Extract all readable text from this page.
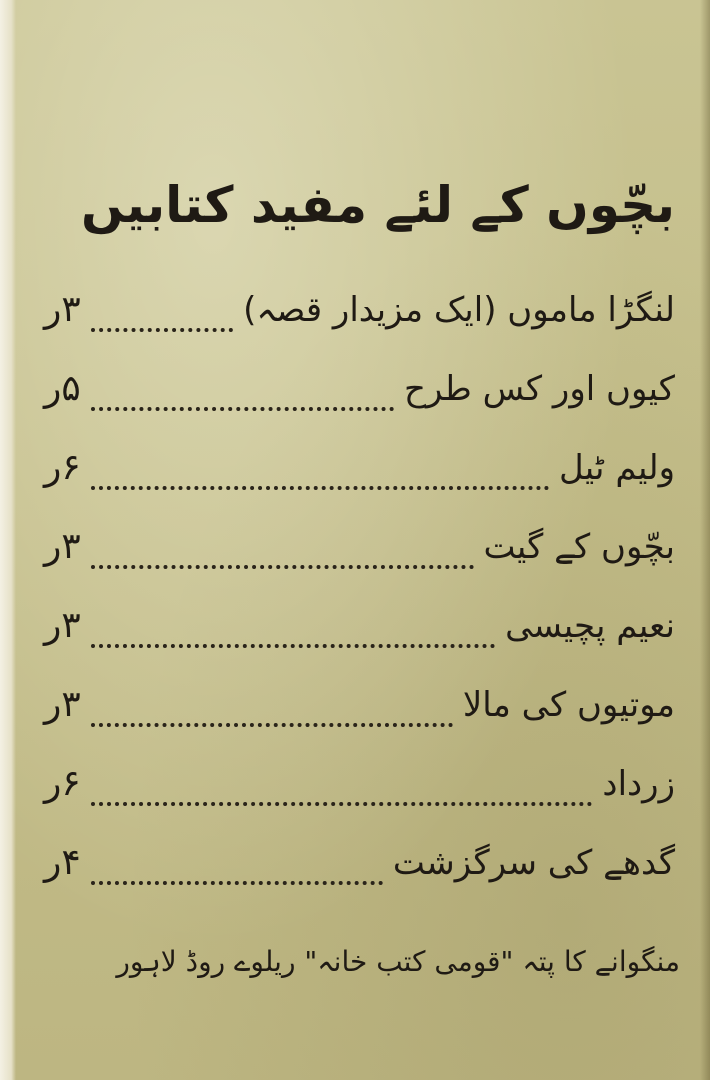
بچّوں کے لئے مفید کتابیں
لنگڑا ماموں (ایک مزیدار قصہ)
۳ر
کیوں اور کس طرح
۵ر
ولیم ٹیل
۶ر
بچّوں کے گیت
۳ر
نعیم پچیسی
۳ر
موتیوں کی مالا
۳ر
زرداد
۶ر
گدھے کی سرگزشت
۴ر
منگوانے کا پتہ "قومی کتب خانہ" ریلوے روڈ لاہور
